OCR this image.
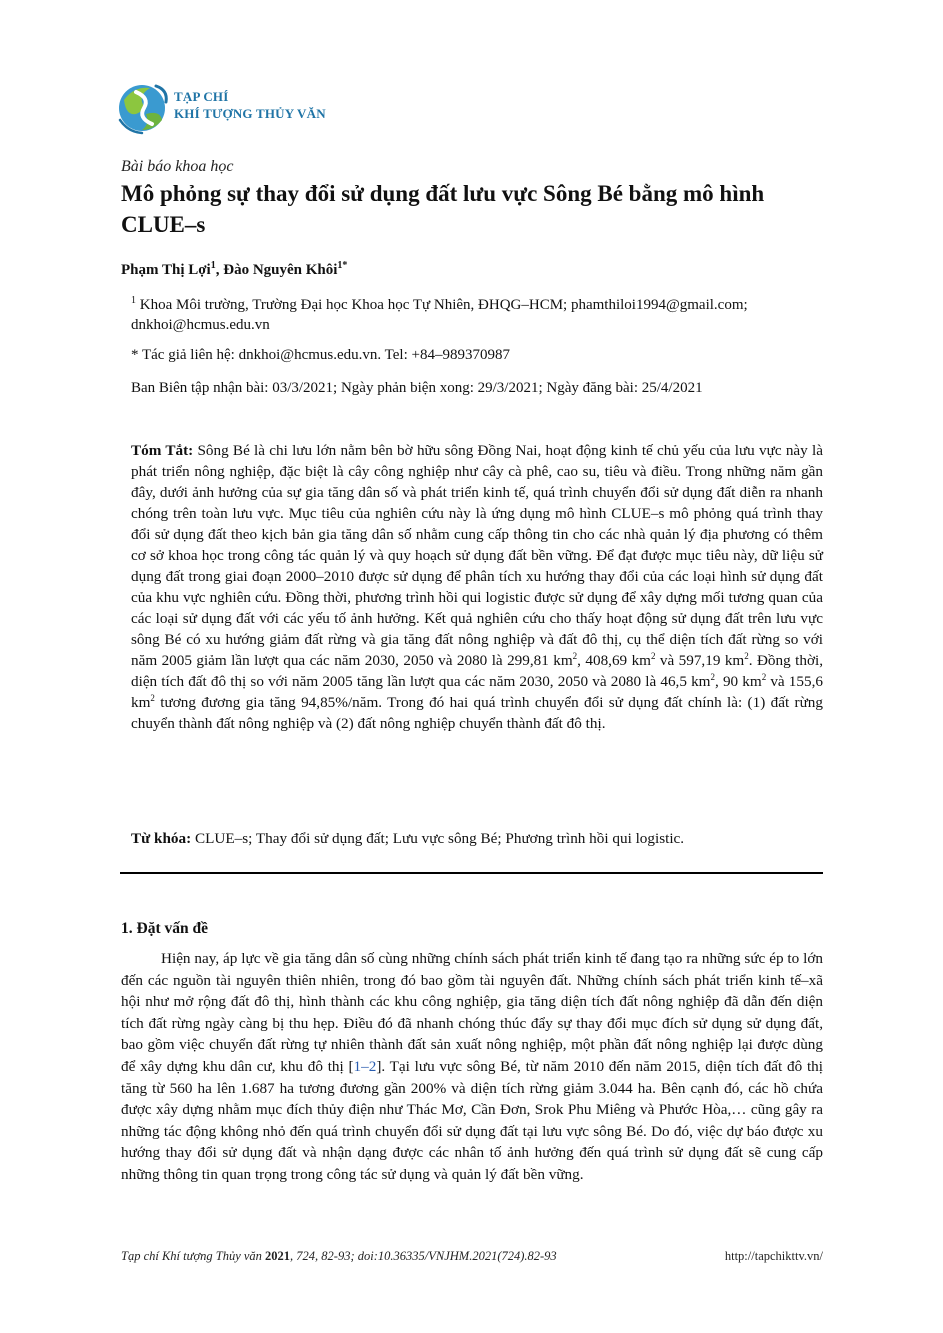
TẠP CHÍ
KHÍ TƯỢNG THỦY VĂN
Bài báo khoa học
Mô phỏng sự thay đổi sử dụng đất lưu vực Sông Bé bằng mô hình CLUE–s
Phạm Thị Lợi$^1$, Đào Nguyên Khôi$^{1*}$

$^1$ Khoa Môi trường, Trường Đại học Khoa học Tự Nhiên, ĐHQG–HCM; phamthiloi1994@gmail.com; dnkhoi@hcmus.edu.vn

* Tác giả liên hệ: dnkhoi@hcmus.edu.vn. Tel: +84–989370987

Ban Biên tập nhận bài: 03/3/2021; Ngày phản biện xong: 29/3/2021; Ngày đăng bài: 25/4/2021

Tóm Tắt: Sông Bé là chi lưu lớn nằm bên bờ hữu sông Đồng Nai, hoạt động kinh tế chủ yếu của lưu vực này là phát triển nông nghiệp, đặc biệt là cây công nghiệp như cây cà phê, cao su, tiêu và điều. Trong những năm gần đây, dưới ảnh hưởng của sự gia tăng dân số và phát triển kinh tế, quá trình chuyển đổi sử dụng đất diễn ra nhanh chóng trên toàn lưu vực. Mục tiêu của nghiên cứu này là ứng dụng mô hình CLUE–s mô phỏng quá trình thay đổi sử dụng đất theo kịch bản gia tăng dân số nhằm cung cấp thông tin cho các nhà quản lý địa phương có thêm cơ sở khoa học trong công tác quản lý và quy hoạch sử dụng đất bền vững. Để đạt được mục tiêu này, dữ liệu sử dụng đất trong giai đoạn 2000–2010 được sử dụng để phân tích xu hướng thay đổi của các loại hình sử dụng đất của khu vực nghiên cứu. Đồng thời, phương trình hồi qui logistic được sử dụng để xây dựng mối tương quan của các loại sử dụng đất với các yếu tố ảnh hưởng. Kết quả nghiên cứu cho thấy hoạt động sử dụng đất trên lưu vực sông Bé có xu hướng giảm đất rừng và gia tăng đất nông nghiệp và đất đô thị, cụ thể diện tích đất rừng so với năm 2005 giảm lần lượt qua các năm 2030, 2050 và 2080 là 299,81 $km^2$, 408,69 $km^2$ và 597,19 $km^2$. Đồng thời, diện tích đất đô thị so với năm 2005 tăng lần lượt qua các năm 2030, 2050 và 2080 là 46,5 $km^2$, 90 $km^2$ và 155,6 $km^2$ tương đương gia tăng 94,85%/năm. Trong đó hai quá trình chuyển đổi sử dụng đất chính là: (1) đất rừng chuyển thành đất nông nghiệp và (2) đất nông nghiệp chuyển thành đất đô thị.

Từ khóa: CLUE–s; Thay đổi sử dụng đất; Lưu vực sông Bé; Phương trình hồi qui logistic.

1. Đặt vấn đề

Hiện nay, áp lực về gia tăng dân số cùng những chính sách phát triển kinh tế đang tạo ra những sức ép to lớn đến các nguồn tài nguyên thiên nhiên, trong đó bao gồm tài nguyên đất. Những chính sách phát triển kinh tế–xã hội như mở rộng đất đô thị, hình thành các khu công nghiệp, gia tăng diện tích đất nông nghiệp đã dẫn đến diện tích đất rừng ngày càng bị thu hẹp. Điều đó đã nhanh chóng thúc đẩy sự thay đổi mục đích sử dụng sử dụng đất, bao gồm việc chuyển đất rừng tự nhiên thành đất sản xuất nông nghiệp, một phần đất nông nghiệp lại được dùng để xây dựng khu dân cư, khu đô thị [1–2]. Tại lưu vực sông Bé, từ năm 2010 đến năm 2015, diện tích đất đô thị tăng từ 560 ha lên 1.687 ha tương đương gần 200% và diện tích rừng giảm 3.044 ha. Bên cạnh đó, các hồ chứa được xây dựng nhằm mục đích thủy điện như Thác Mơ, Cần Đơn, Srok Phu Miêng và Phước Hòa,… cũng gây ra những tác động không nhỏ đến quá trình chuyển đổi sử dụng đất tại lưu vực sông Bé. Do đó, việc dự báo được xu hướng thay đổi sử dụng đất và nhận dạng được các nhân tố ảnh hưởng đến quá trình sử dụng đất sẽ cung cấp những thông tin quan trọng trong công tác sử dụng và quản lý đất bền vững.

Tạp chí Khí tượng Thủy văn 2021, 724, 82-93; doi:10.36335/VNJHM.2021(724).82-93	http://tapchikttv.vn/
